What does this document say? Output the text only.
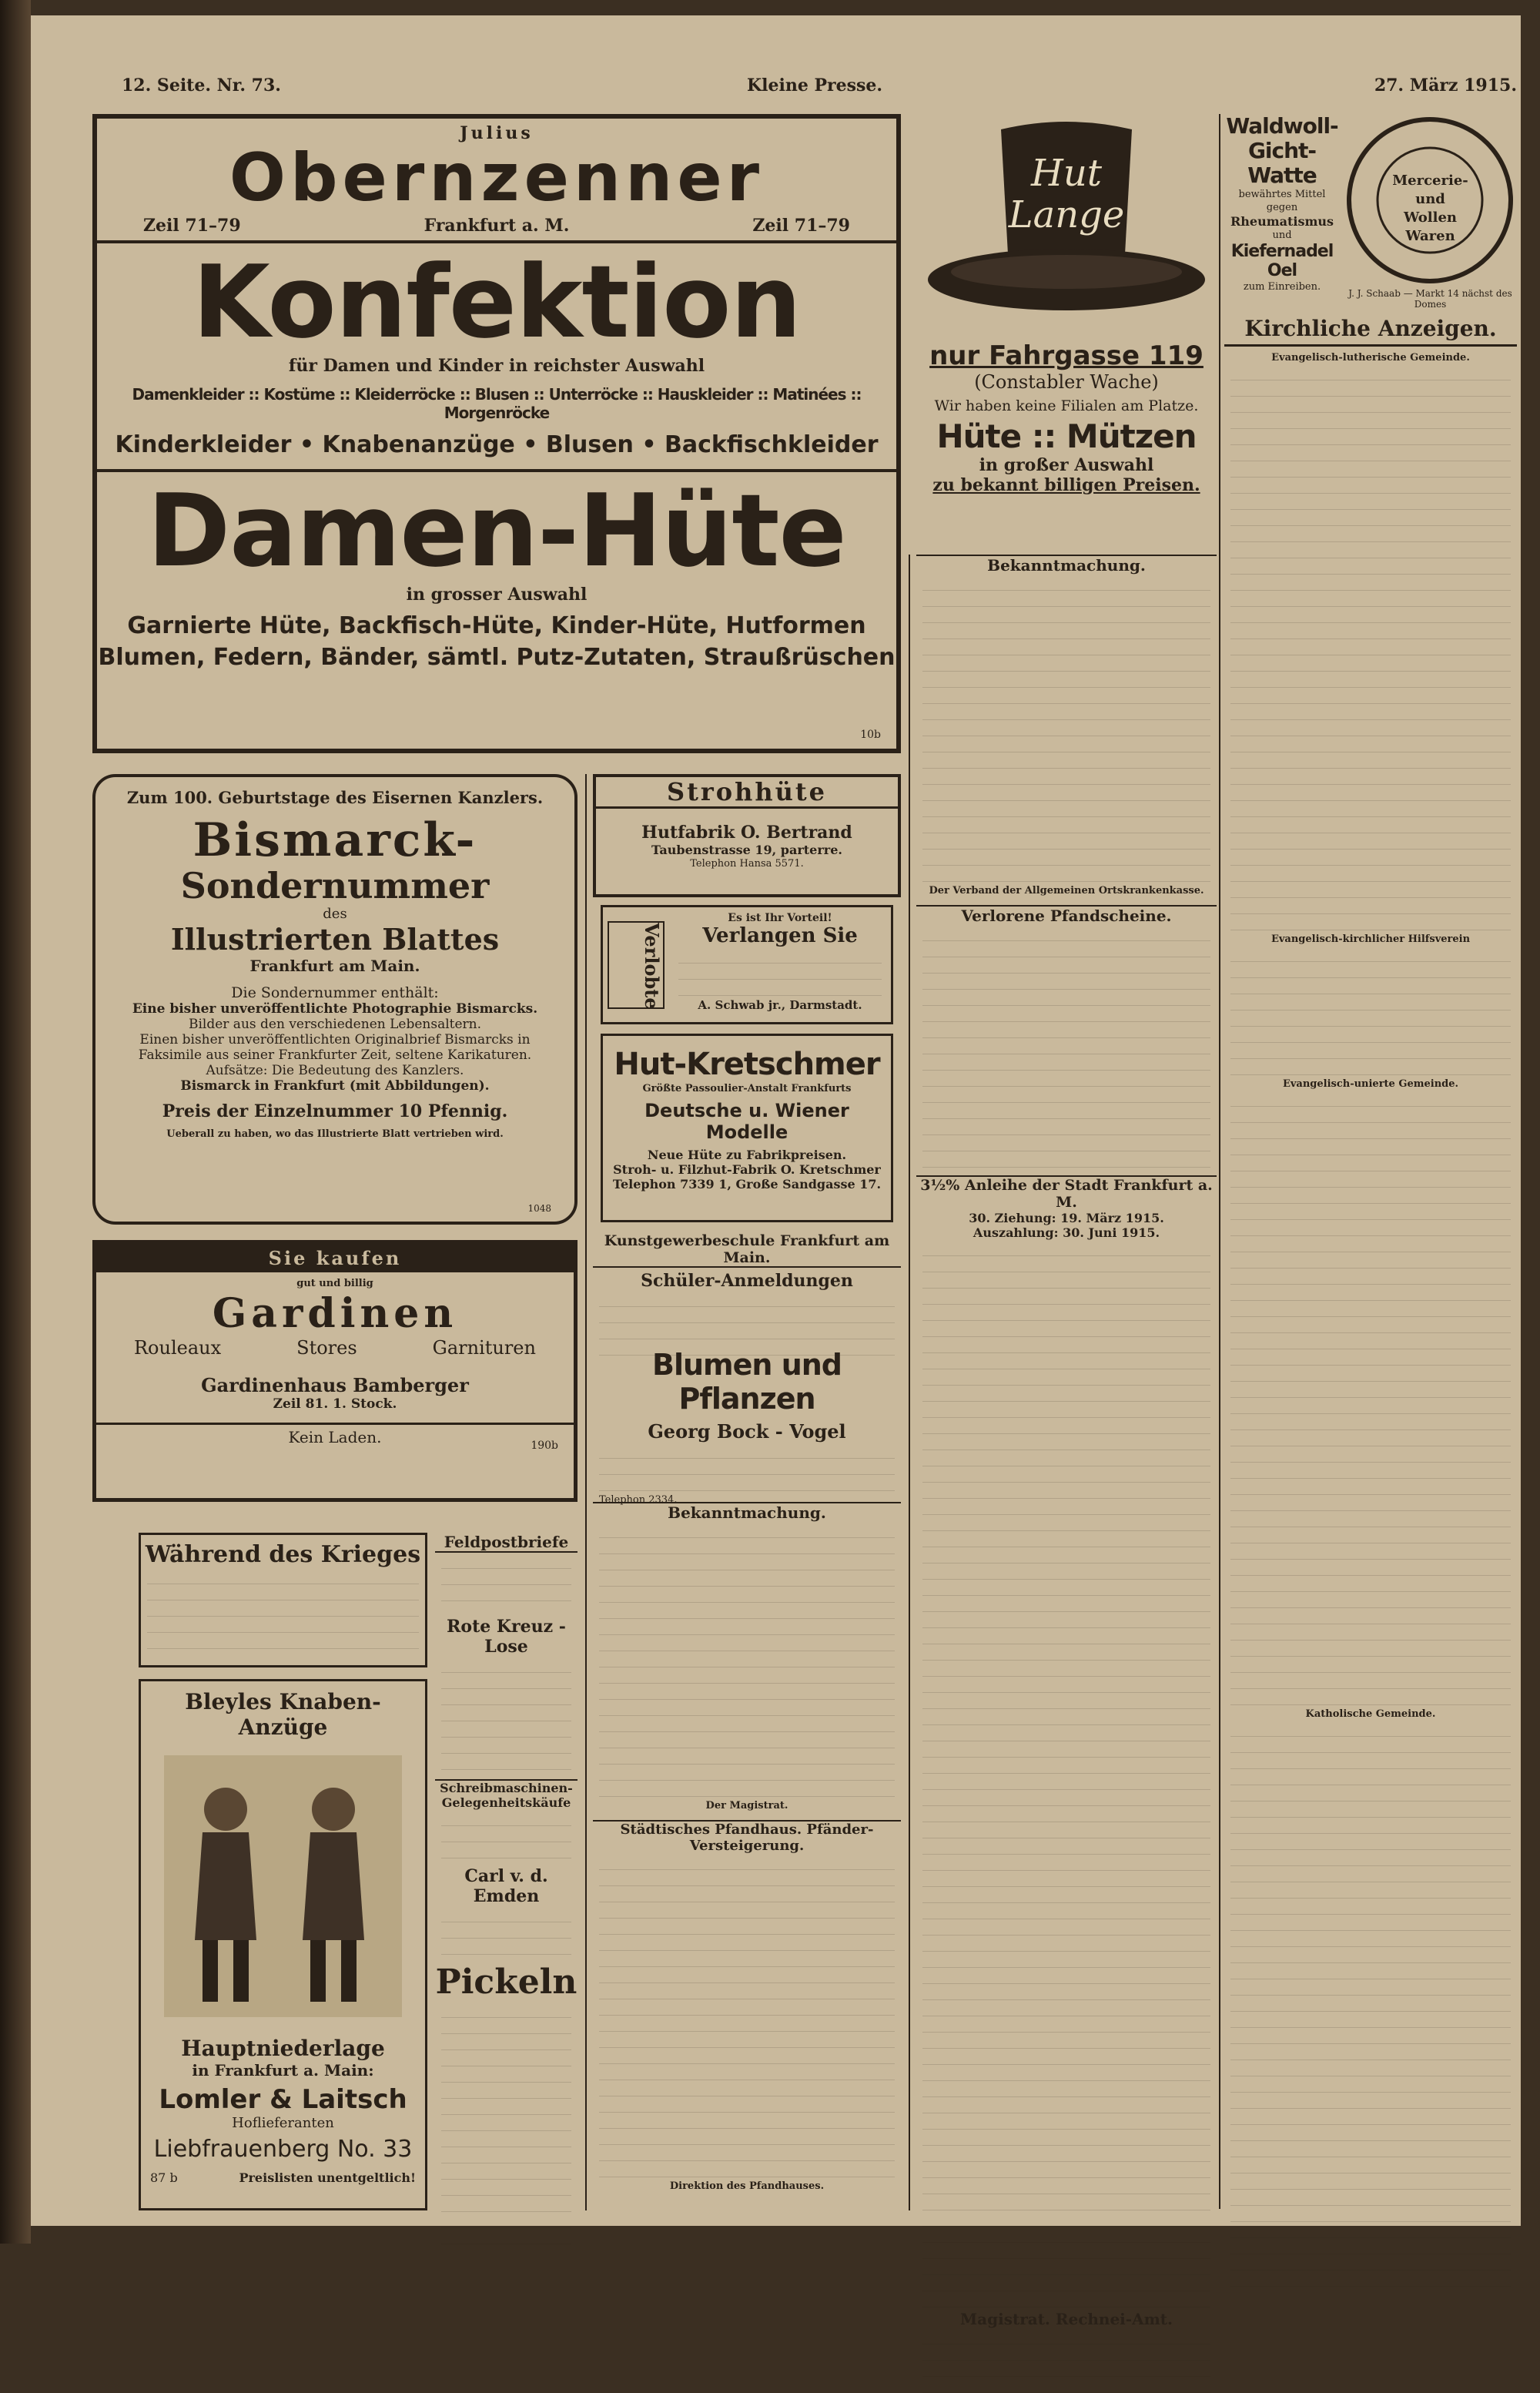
12. Seite. Nr. 73.	Kleine Presse.	27. März 1915.
Julius
Obernzenner
Zeil 71–79	Frankfurt a. M.	Zeil 71–79
Konfektion
für Damen und Kinder in reichster Auswahl
Damenkleider :: Kostüme :: Kleiderröcke :: Blusen :: Unterröcke :: Hauskleider :: Matinées :: Morgenröcke
Kinderkleider • Knabenanzüge • Blusen • Backfischkleider
Damen-Hüte
in grosser Auswahl
Garnierte Hüte, Backfisch-Hüte, Kinder-Hüte, Hutformen
Blumen, Federn, Bänder, sämtl. Putz-Zutaten, Straußrüschen
10b
Hut
Lange
nur Fahrgasse 119
(Constabler Wache)
Wir haben keine Filialen am Platze.
Hüte :: Mützen
in großer Auswahl
zu bekannt billigen Preisen.
Waldwoll-Gicht-Watte
bewährtes Mittel gegen
Rheumatismus
und
Kiefernadel Oel
zum Einreiben.
Mercerie-
und
Wollen Waren
J. J. Schaab — Markt 14 nächst des Domes
Kirchliche Anzeigen.
Evangelisch-lutherische Gemeinde.
Evangelisch-kirchlicher Hilfsverein
Evangelisch-unierte Gemeinde.
Katholische Gemeinde.
Zum 100. Geburtstage des Eisernen Kanzlers.
Bismarck-
Sondernummer
des
Illustrierten Blattes
Frankfurt am Main.
Die Sondernummer enthält:
Eine bisher unveröffentlichte Photographie Bismarcks.
Bilder aus den verschiedenen Lebensaltern.
Einen bisher unveröffentlichten Originalbrief Bismarcks in
Faksimile aus seiner Frankfurter Zeit, seltene Karikaturen.
Aufsätze: Die Bedeutung des Kanzlers.
Bismarck in Frankfurt (mit Abbildungen).
Preis der Einzelnummer 10 Pfennig.
Ueberall zu haben, wo das Illustrierte Blatt vertrieben wird.
1048
Strohhüte
Hutfabrik O. Bertrand
Taubenstrasse 19, parterre.
Telephon Hansa 5571.
Verlobte
Es ist Ihr Vorteil!
Verlangen Sie
A. Schwab jr., Darmstadt.
Hut-Kretschmer
Größte Passoulier-Anstalt Frankfurts
Deutsche u. Wiener Modelle
Neue Hüte zu Fabrikpreisen.
Stroh- u. Filzhut-Fabrik O. Kretschmer
Telephon 7339 1, Große Sandgasse 17.
Kunstgewerbeschule Frankfurt am Main.
Schüler-Anmeldungen
Blumen und Pflanzen
Georg Bock - Vogel
Telephon 2334.
Sie kaufen
gut und billig
Gardinen
Rouleaux	Stores	Garnituren
Gardinenhaus Bamberger
Zeil 81. 1. Stock.
190b
Kein Laden.
Während des Krieges
Bleyles Knaben-Anzüge
Hauptniederlage
in Frankfurt a. Main:
Lomler & Laitsch
Hoflieferanten
Liebfrauenberg No. 33
87 b	Preislisten unentgeltlich!
Feldpostbriefe
Rote Kreuz - Lose
Schreibmaschinen-
Gelegenheitskäufe
Carl v. d. Emden
Pickeln
Bekanntmachung.
Der Magistrat.
Städtisches Pfandhaus. Pfänder-Versteigerung.
Direktion des Pfandhauses.
Bekanntmachung.
Der Verband der Allgemeinen Ortskrankenkasse.
Verlorene Pfandscheine.
3½% Anleihe der Stadt Frankfurt a. M.
30. Ziehung: 19. März 1915.
Auszahlung: 30. Juni 1915.
Magistrat. Rechnei-Amt.
